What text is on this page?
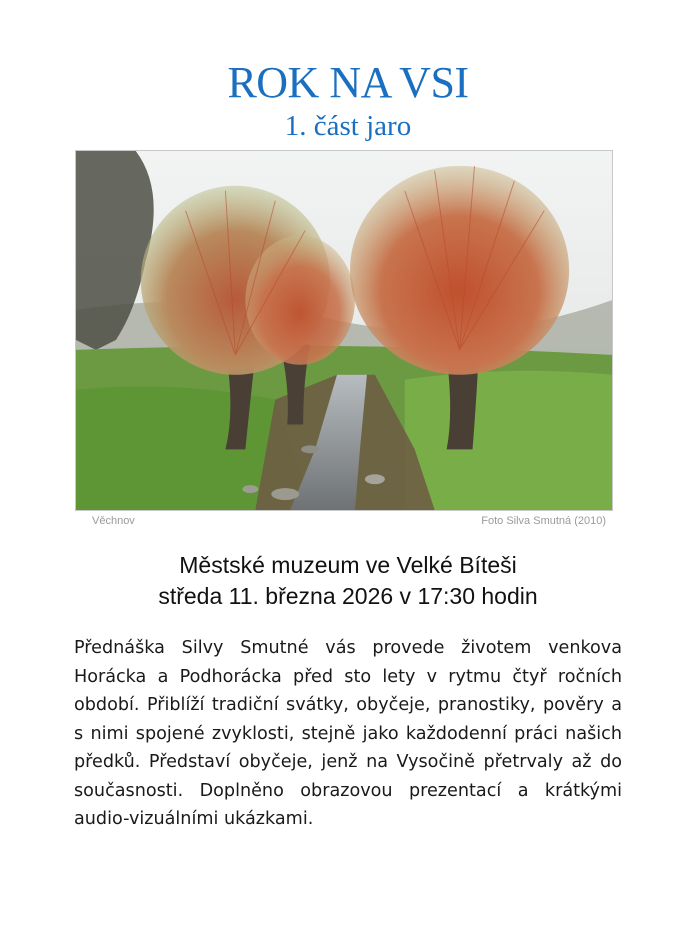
ROK NA VSI
1. část jaro
Věchnov	Foto Silva Smutná (2010)
Městské muzeum ve Velké Bíteši
středa 11. března 2026 v 17:30 hodin
Přednáška Silvy Smutné vás provede životem venkova Horácka a Podhorácka před sto lety v rytmu čtyř ročních období. Přiblíží tradiční svátky, obyčeje, pranostiky, pověry a s nimi spojené zvyklosti, stejně jako každodenní práci našich předků. Představí obyčeje, jenž na Vysočině přetrvaly až do současnosti. Doplněno obrazovou prezentací a krátkými audio-vizuálními ukázkami.
